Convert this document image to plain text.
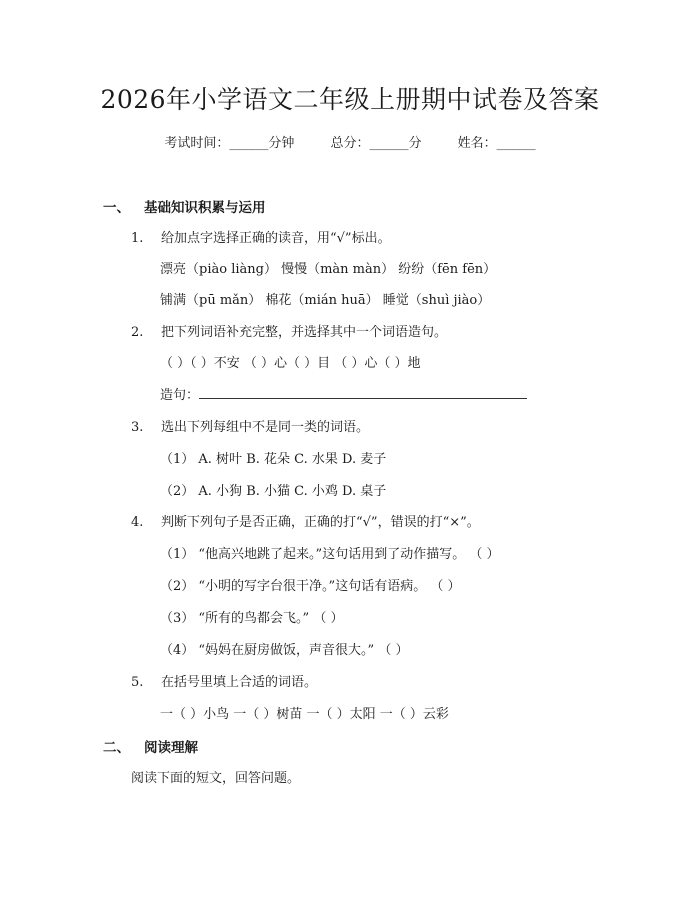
2026年小学语文二年级上册期中试卷及答案
考试时间：______分钟	总分：______分	姓名：______
一、 基础知识积累与运用
1. 给加点字选择正确的读音，用“√”标出。
漂亮（piào liàng） 慢慢（màn màn） 纷纷（fēn fēn）
铺满（pū mǎn） 棉花（mián huā） 睡觉（shuì jiào）
2. 把下列词语补充完整，并选择其中一个词语造句。
（ ）（ ）不安 （ ）心（ ）目 （ ）心（ ）地
造句：
3. 选出下列每组中不是同一类的词语。
（1） A. 树叶 B. 花朵 C. 水果 D. 麦子
（2） A. 小狗 B. 小猫 C. 小鸡 D. 桌子
4. 判断下列句子是否正确，正确的打“√”，错误的打“×”。
（1） “他高兴地跳了起来。”这句话用到了动作描写。 （ ）
（2） “小明的写字台很干净。”这句话有语病。 （ ）
（3） “所有的鸟都会飞。” （ ）
（4） “妈妈在厨房做饭，声音很大。” （ ）
5. 在括号里填上合适的词语。
一（ ）小鸟 一（ ）树苗 一（ ）太阳 一（ ）云彩
二、 阅读理解
阅读下面的短文，回答问题。
